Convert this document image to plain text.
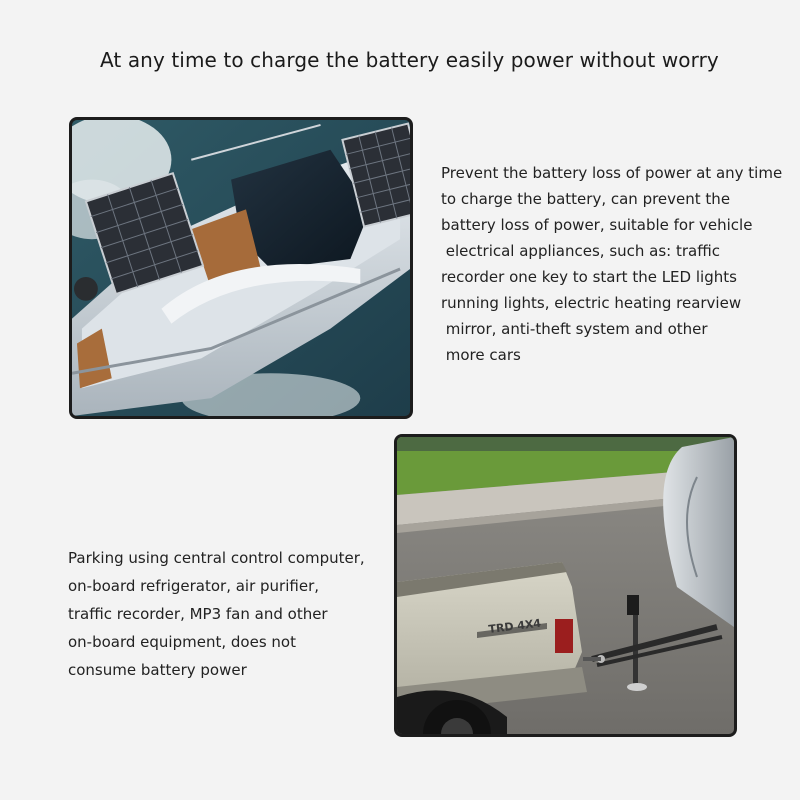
At any time to charge the battery easily power without worry
Prevent the battery loss of power at any time
to charge the battery, can prevent the
battery loss of power, suitable for vehicle
electrical appliances, such as: traffic
recorder one key to start the LED lights
running lights, electric heating rearview
mirror, anti-theft system and other
more cars
Parking using central control computer,
on-board refrigerator, air purifier,
traffic recorder, MP3 fan and other
on-board equipment, does not
consume battery power
TRD 4X4
